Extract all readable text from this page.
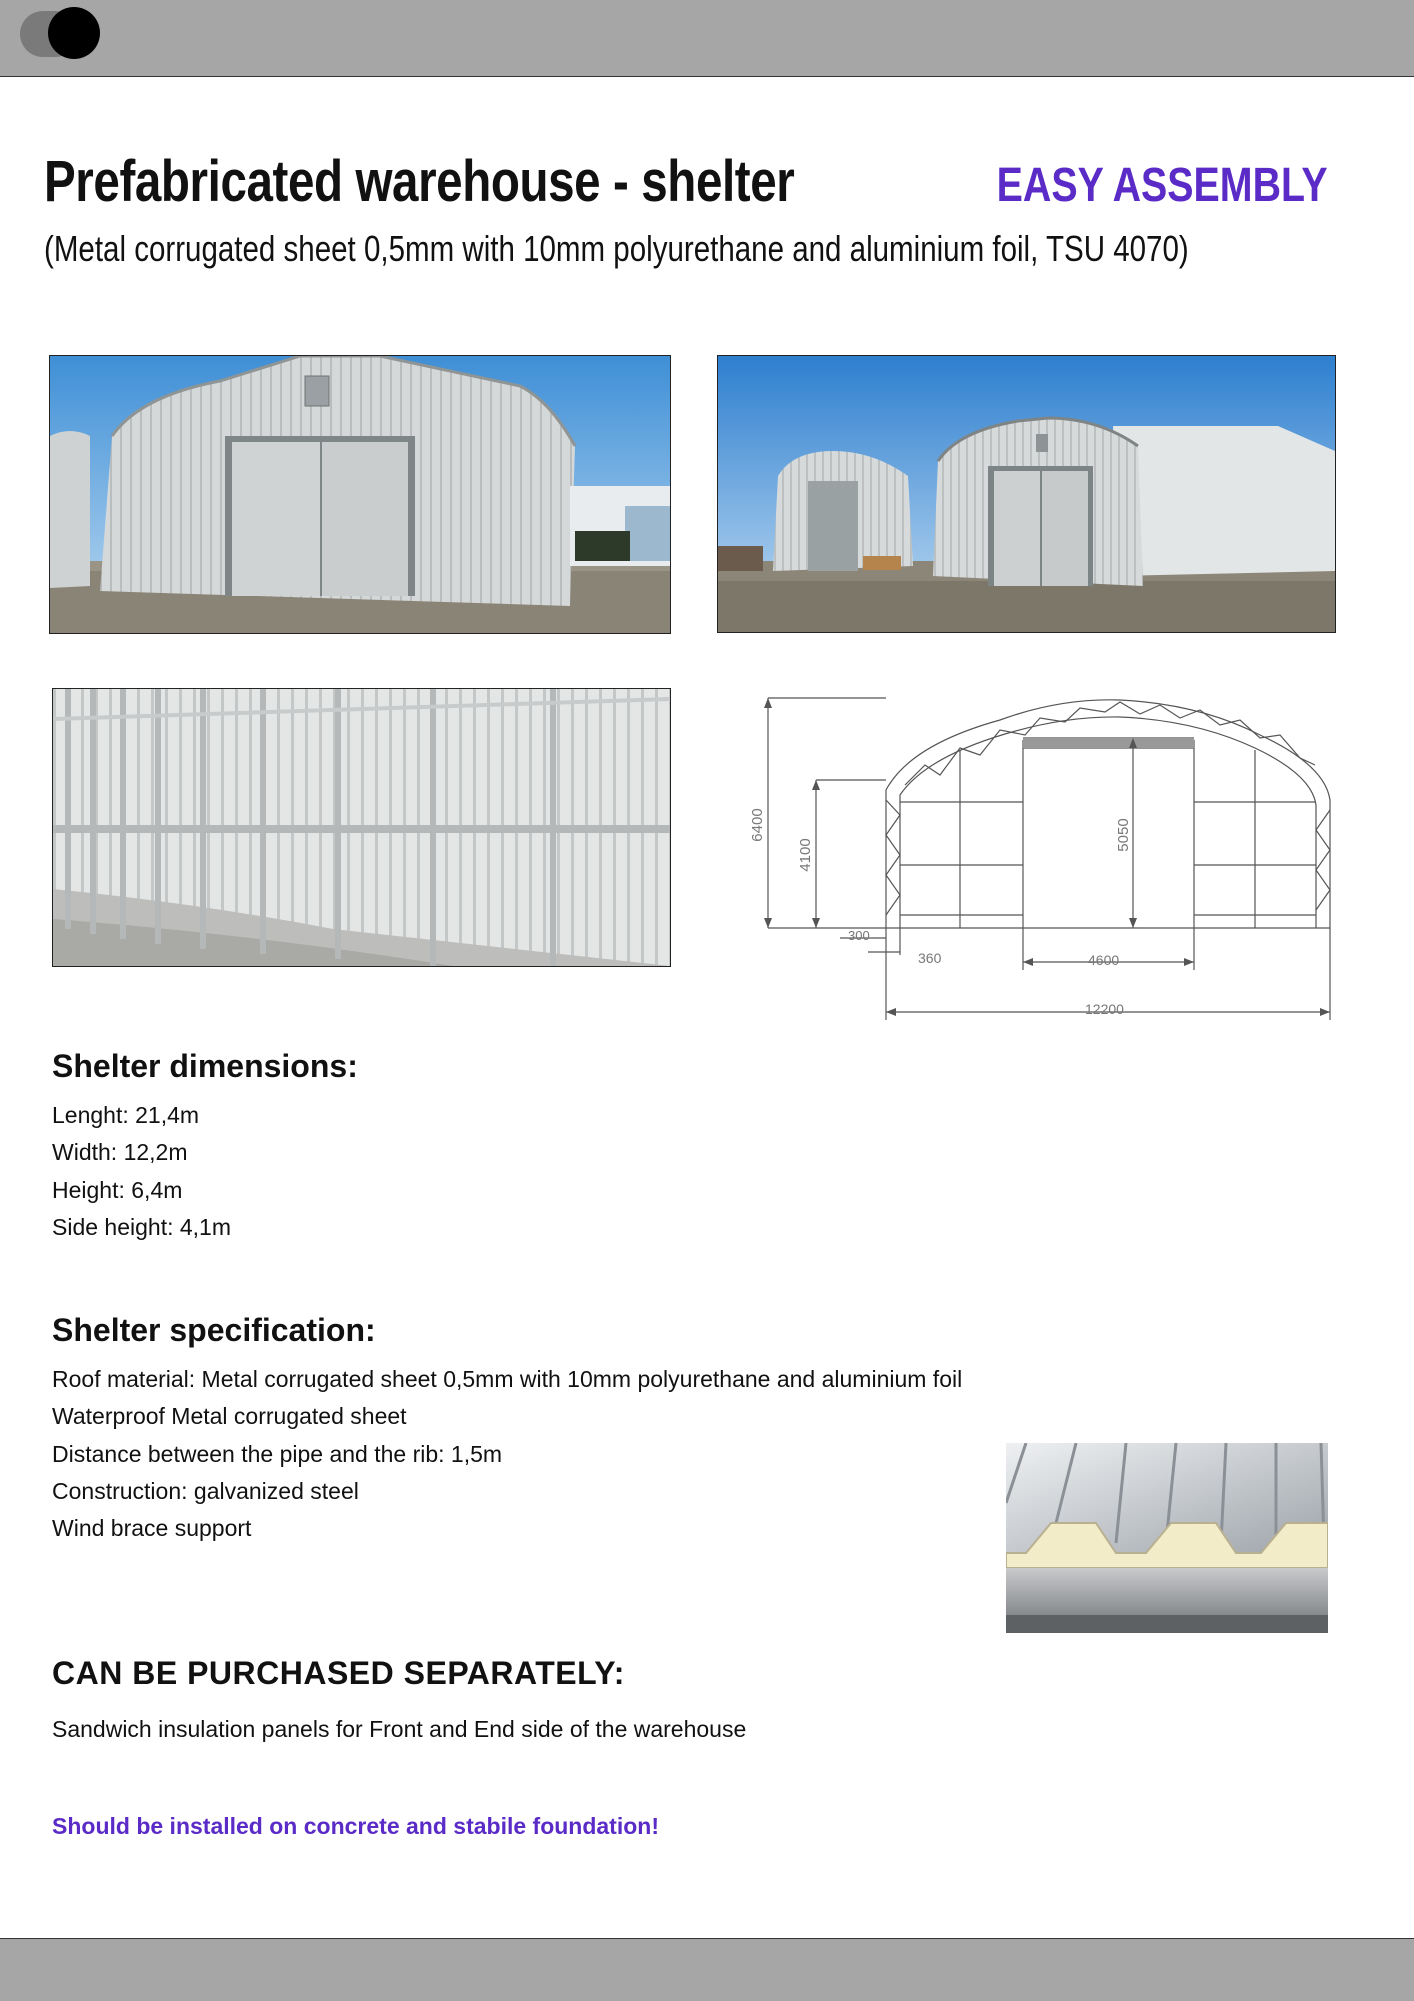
Prefabricated warehouse - shelter	EASY ASSEMBLY
(Metal corrugated sheet 0,5mm with 10mm polyurethane and aluminium foil, TSU 4070)
6400
4100
5050
300
360	4600
12200
Shelter dimensions:
Lenght: 21,4m
Width: 12,2m
Height: 6,4m
Side height: 4,1m
Shelter specification:
Roof material: Metal corrugated sheet 0,5mm with 10mm polyurethane and aluminium foil
Waterproof Metal corrugated sheet
Distance between the pipe and the rib: 1,5m
Construction: galvanized steel
Wind brace support
CAN BE PURCHASED SEPARATELY:
Sandwich insulation panels for Front and End side of the warehouse
Should be installed on concrete and stabile foundation!
